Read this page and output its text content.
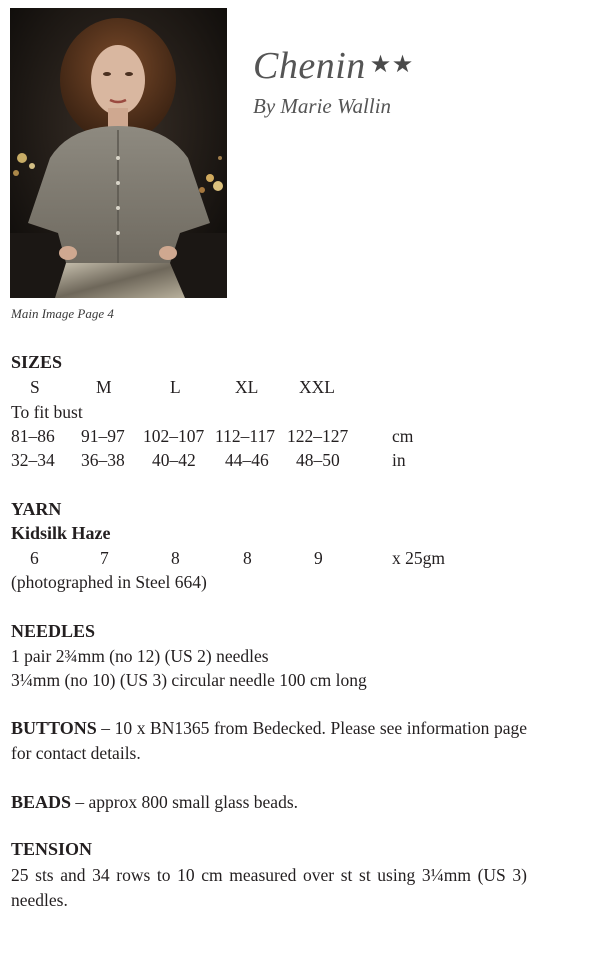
Main Image Page 4
Chenin ★★
By Marie Wallin
SIZES
S	M	L	XL XXL
To fit bust
81–86 91–97 102–107 112–117 122–127	cm
32–34 36–38 40–42 44–46 48–50	in
YARN
Kidsilk Haze
6	7	8	8	9	x 25gm
(photographed in Steel 664)
NEEDLES
1 pair 2¾mm (no 12) (US 2) needles
3¼mm (no 10) (US 3) circular needle 100 cm long
BUTTONS – 10 x BN1365 from Bedecked. Please see information page for contact details.
BEADS – approx 800 small glass beads.
TENSION
25 sts and 34 rows to 10 cm measured over st st using 3¼mm (US 3) needles.
